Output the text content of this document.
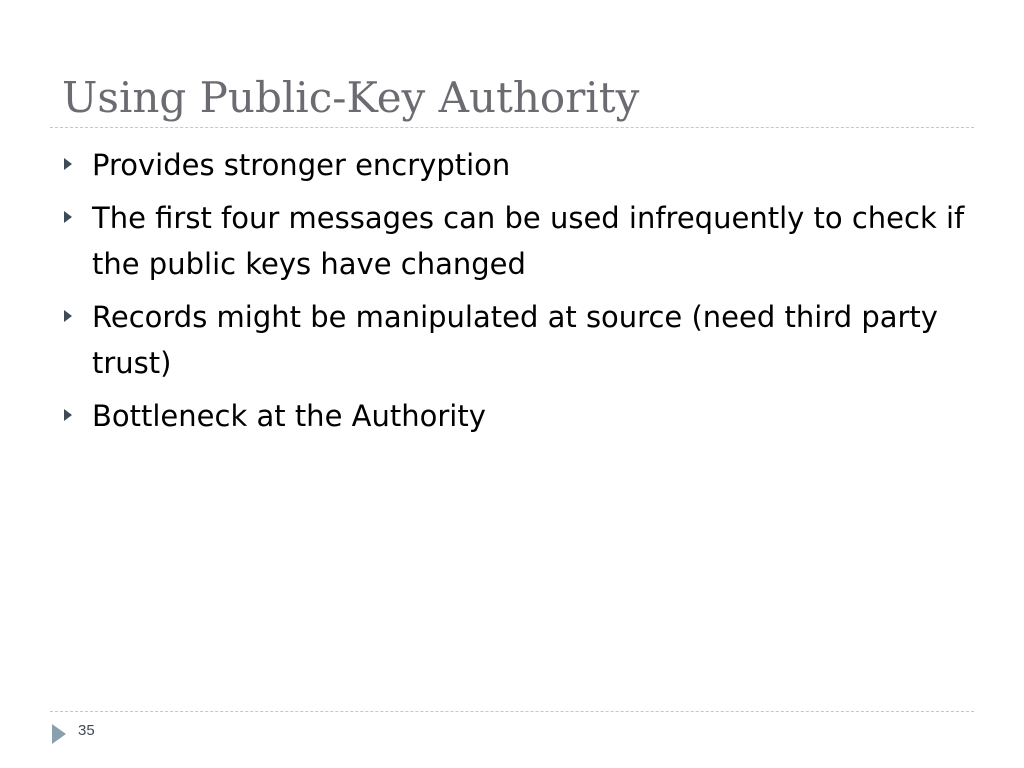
Using Public-Key Authority
Provides stronger encryption
The first four messages can be used infrequently to check if the public keys have changed
Records might be manipulated at source (need third party trust)
Bottleneck at the Authority
35
